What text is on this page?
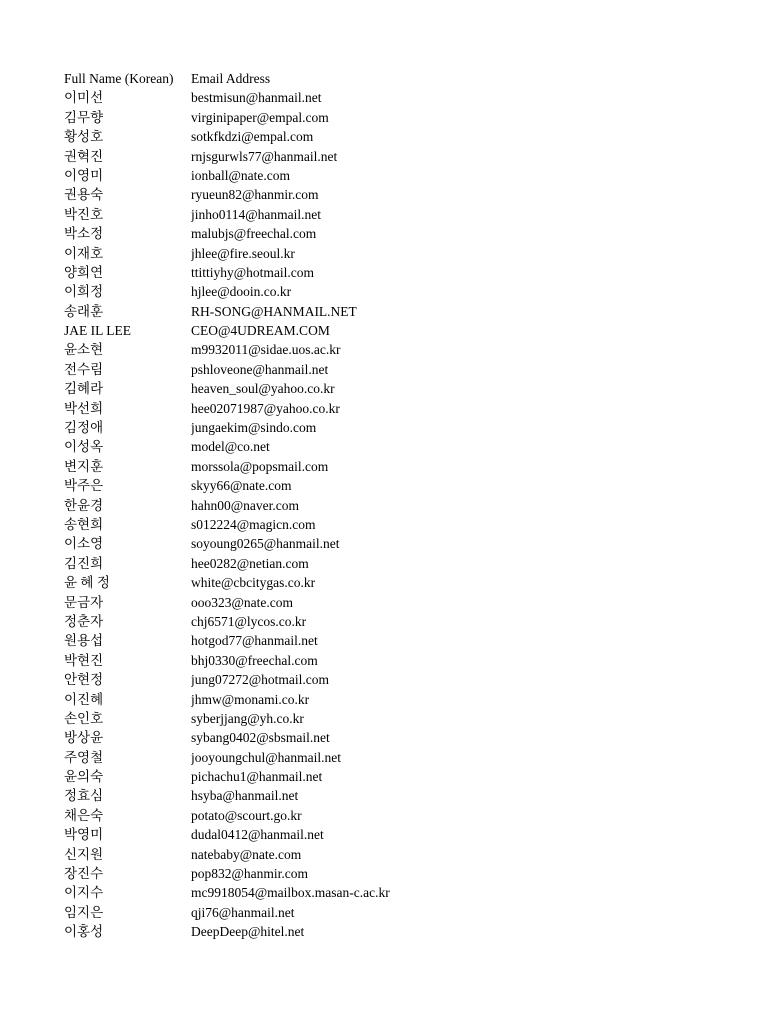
Full Name (Korean)	Email Address
이미선	bestmisun@hanmail.net
김무향	virginipaper@empal.com
황성호	sotkfkdzi@empal.com
권혁진	rnjsgurwls77@hanmail.net
이영미	ionball@nate.com
권용숙	ryueun82@hanmir.com
박진호	jinho0114@hanmail.net
박소정	malubjs@freechal.com
이재호	jhlee@fire.seoul.kr
양희연	ttittiyhy@hotmail.com
이희정	hjlee@dooin.co.kr
송래훈	RH-SONG@HANMAIL.NET
JAE IL LEE	CEO@4UDREAM.COM
윤소현	m9932011@sidae.uos.ac.kr
전수림	pshloveone@hanmail.net
김혜라	heaven_soul@yahoo.co.kr
박선희	hee02071987@yahoo.co.kr
김정애	jungaekim@sindo.com
이성옥	model@co.net
변지훈	morssola@popsmail.com
박주은	skyy66@nate.com
한윤경	hahn00@naver.com
송현희	s012224@magicn.com
이소영	soyoung0265@hanmail.net
김진희	hee0282@netian.com
윤 혜 정	white@cbcitygas.co.kr
문금자	ooo323@nate.com
정춘자	chj6571@lycos.co.kr
원용섭	hotgod77@hanmail.net
박현진	bhj0330@freechal.com
안현정	jung07272@hotmail.com
이진혜	jhmw@monami.co.kr
손인호	syberjjang@yh.co.kr
방상윤	sybang0402@sbsmail.net
주영철	jooyoungchul@hanmail.net
윤의숙	pichachu1@hanmail.net
정효심	hsyba@hanmail.net
채은숙	potato@scourt.go.kr
박영미	dudal0412@hanmail.net
신지원	natebaby@nate.com
장진수	pop832@hanmir.com
이지수	mc9918054@mailbox.masan-c.ac.kr
임지은	qji76@hanmail.net
이홍성	DeepDeep@hitel.net
